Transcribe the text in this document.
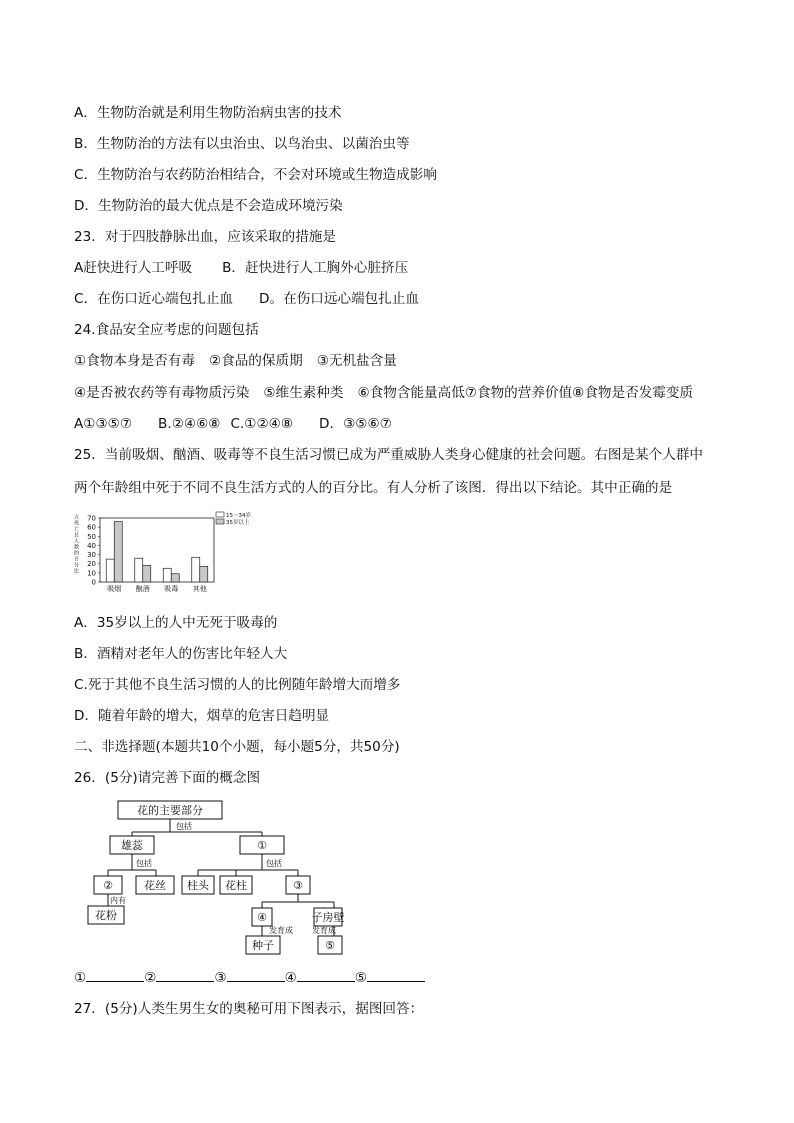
A．生物防治就是利用生物防治病虫害的技术
B．生物防治的方法有以虫治虫、以鸟治虫、以菌治虫等
C．生物防治与农药防治相结合，不会对环境或生物造成影响
D．生物防治的最大优点是不会造成环境污染
23．对于四肢静脉出血，应该采取的措施是
A赶快进行人工呼吸 B．赶快进行人工胸外心脏挤压
C．在伤口近心端包扎止血 D。在伤口远心端包扎止血
24.食品安全应考虑的问题包括
①食物本身是否有毒 ②食品的保质期 ③无机盐含量
④是否被农药等有毒物质污染 ⑤维生素种类 ⑥食物含能量高低⑦食物的营养价值⑧食物是否发霉变质
A①③⑤⑦ B.②④⑥⑧ C.①②④⑧ D．③⑤⑥⑦
25．当前吸烟、酗酒、吸毒等不良生活习惯已成为严重威胁人类身心健康的社会问题。右图是某个人群中
两个年龄组中死于不同不良生活方式的人的百分比。有人分析了该图．得出以下结论。其中正确的是
占死亡总人数的百分比
0
10
20
30
40
50
60
70
吸烟 酗酒 吸毒 其他
15～34岁
35岁以上
A．35岁以上的人中无死于吸毒的
B．酒精对老年人的伤害比年轻人大
C.死于其他不良生活习惯的人的比例随年龄增大而增多
D．随着年龄的增大，烟草的危害日趋明显
二、非选择题(本题共10个小题，每小题5分，共50分)
26．(5分)请完善下面的概念图
花的主要部分
包括
雄蕊	①
包括	包括
②	花丝 柱头 花柱	③
内有
花粉	④	子房壁
发育成 发育成
种子	⑤
①	②	③	④	⑤
27．(5分)人类生男生女的奥秘可用下图表示，据图回答：
